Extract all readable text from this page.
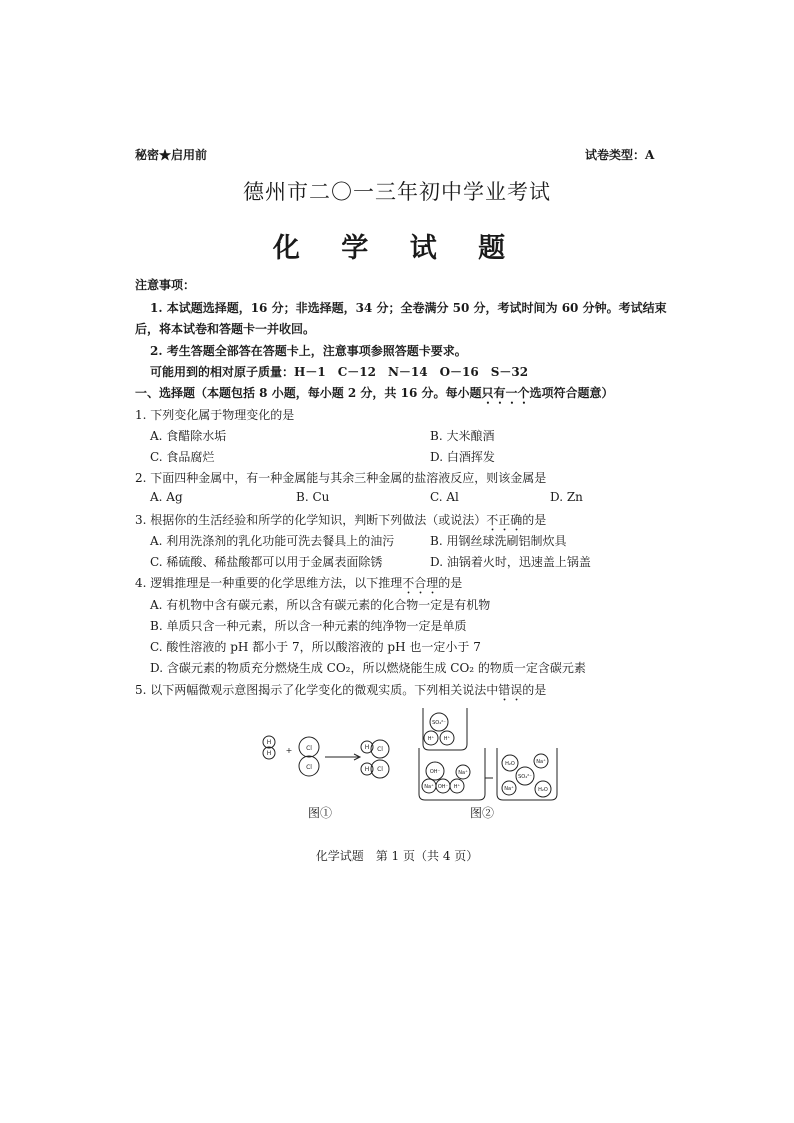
秘密★启用前	试卷类型：A
德州市二〇一三年初中学业考试
化 学 试 题
注意事项：
1. 本试题选择题，16 分；非选择题，34 分；全卷满分 50 分，考试时间为 60 分钟。考试结束
后，将本试卷和答题卡一并收回。
2. 考生答题全部答在答题卡上，注意事项参照答题卡要求。
可能用到的相对原子质量：H－1　C－12　N－14　O－16　S－32
一、选择题（本题包括 8 小题，每小题 2 分，共 16 分。每小题只有一个选项符合题意）
1. 下列变化属于物理变化的是
A. 食醋除水垢	B. 大米酿酒
C. 食品腐烂	D. 白酒挥发
2. 下面四种金属中，有一种金属能与其余三种金属的盐溶液反应，则该金属是
A. Ag	B. Cu	C. Al	D. Zn
3. 根据你的生活经验和所学的化学知识，判断下列做法（或说法）不正确的是
A. 利用洗涤剂的乳化功能可洗去餐具上的油污	B. 用钢丝球洗刷铝制炊具
C. 稀硫酸、稀盐酸都可以用于金属表面除锈	D. 油锅着火时，迅速盖上锅盖
4. 逻辑推理是一种重要的化学思维方法，以下推理不合理的是
A. 有机物中含有碳元素，所以含有碳元素的化合物一定是有机物
B. 单质只含一种元素，所以含一种元素的纯净物一定是单质
C. 酸性溶液的 pH 都小于 7，所以酸溶液的 pH 也一定小于 7
D. 含碳元素的物质充分燃烧生成 CO₂，所以燃烧能生成 CO₂ 的物质一定含碳元素
5. 以下两幅微观示意图揭示了化学变化的微观实质。下列相关说法中错误的是
H
H
Cl
Cl
H Cl
H Cl
+
SO₄²⁻
H⁺ H⁺
OH⁻	Na⁺
Na⁺ OH⁻ H⁺
H₂O	Na⁺
SO₄²⁻
Na⁺	H₂O
图①	图②
化学试题　第 1 页（共 4 页）
